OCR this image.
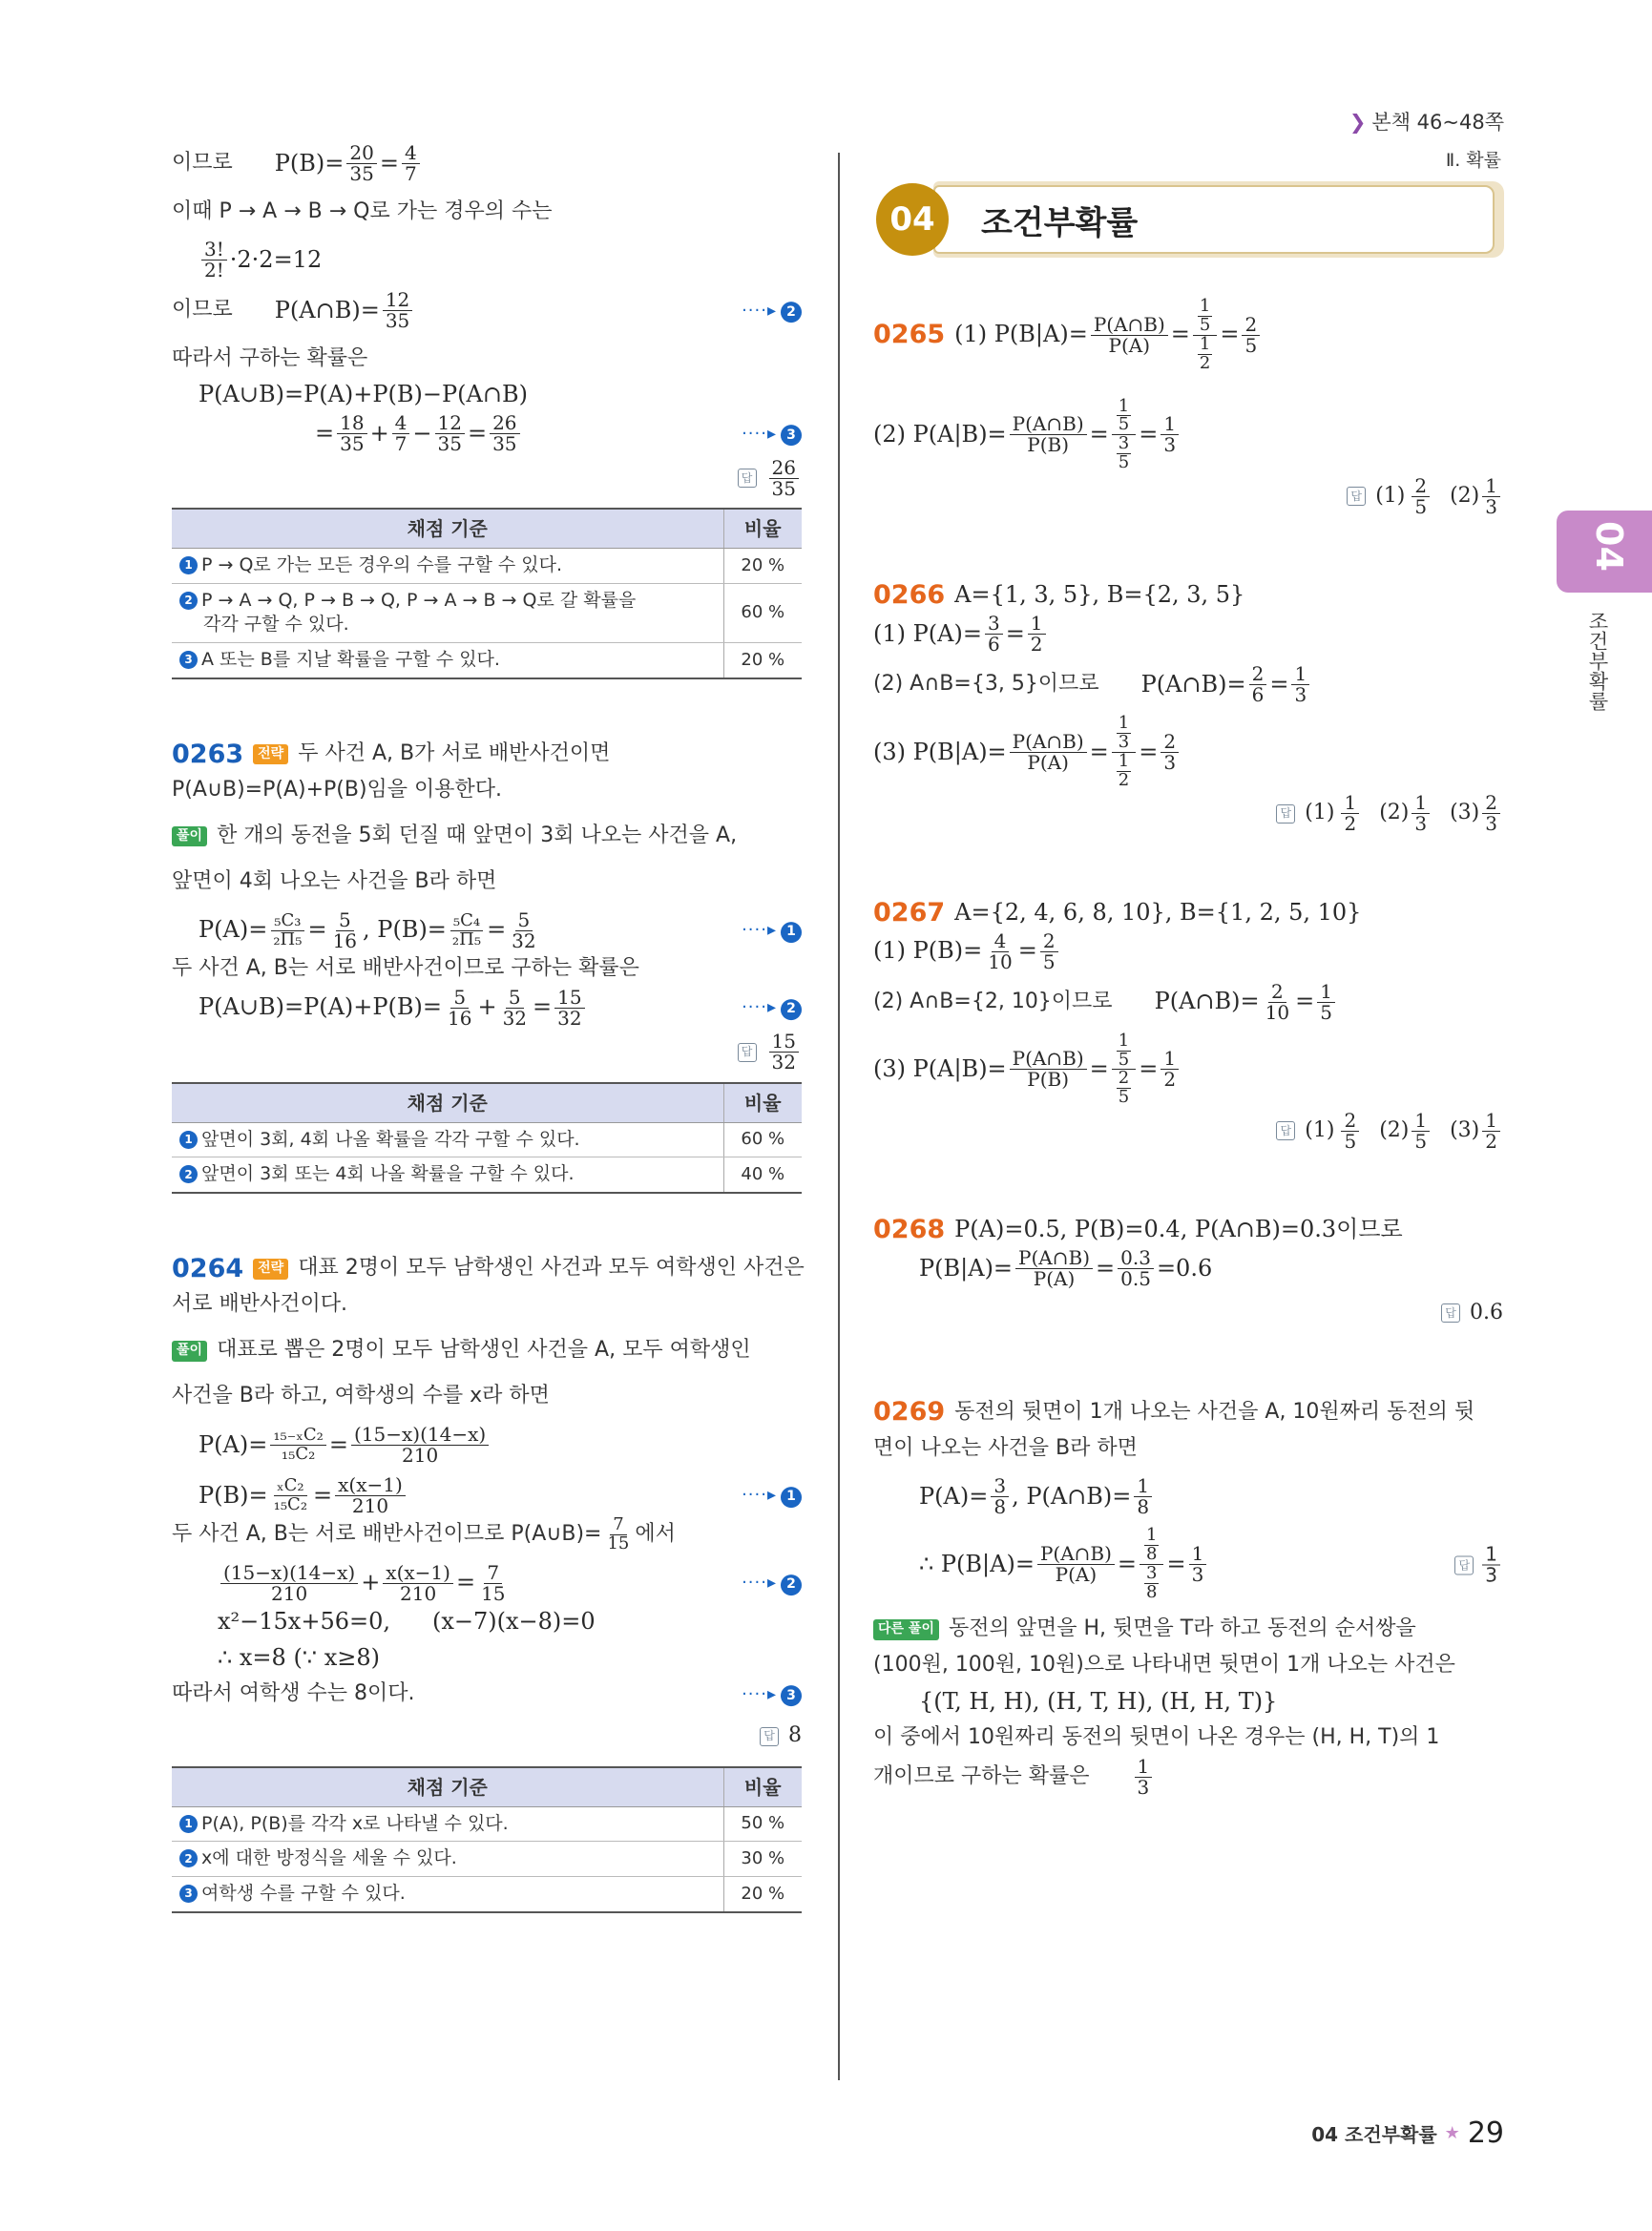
❯ 본책 46~48쪽
Ⅱ. 확률
이므로 $P(B)= \frac{20}{35} = \frac{4}{7}$
이때 P → A → B → Q로 가는 경우의 수는
$\frac{3!}{2!} \cdot 2\cdot 2=12$
이므로 P(A∩B)= $\frac{12}{35}$	····▸ 2
따라서 구하는 확률은
P(A∪B)=P(A)+P(B)−P(A∩B)
= $\frac{18}{35} + \frac{4}{7} - \frac{12}{35} = \frac{26}{35}$	····▸ 3
답 $\frac{26}{35}$
채점 기준	비율
1 P → Q로 가는 모든 경우의 수를 구할 수 있다.	20 %
2 P → A → Q, P → B → Q, P → A → B → Q로 갈 확률을
각각 구할 수 있다.	60 %
3 A 또는 B를 지날 확률을 구할 수 있다.	20 %
0263	전략 두 사건 A, B가 서로 배반사건이면
P(A∪B)=P(A)+P(B)임을 이용한다.
풀이 한 개의 동전을 5회 던질 때 앞면이 3회 나오는 사건을 A,
앞면이 4회 나오는 사건을 B라 하면
$P(A)= \frac{\text{₅C₃}}{\text{₂Π₅}} = \frac{5}{16}$ , $P(B)= \frac{\text{₅C₄}}{\text{₂Π₅}} = \frac{5}{32}$	····▸ 1
두 사건 A, B는 서로 배반사건이므로 구하는 확률은
P(A∪B)=P(A)+P(B)= $\frac{5}{16} + \frac{5}{32} = \frac{15}{32}$	····▸ 2
답 $\frac{15}{32}$
채점 기준	비율
1 앞면이 3회, 4회 나올 확률을 각각 구할 수 있다.	60 %
2 앞면이 3회 또는 4회 나올 확률을 구할 수 있다.	40 %
0264	전략 대표 2명이 모두 남학생인 사건과 모두 여학생인 사건은
서로 배반사건이다.
풀이 대표로 뽑은 2명이 모두 남학생인 사건을 A, 모두 여학생인
사건을 B라 하고, 여학생의 수를 x라 하면
$P(A)= \frac{\text{₁₅₋ₓC₂}}{\text{₁₅C₂}} = \frac{(15-x)(14-x)}{210}$
$P(B)= \frac{\text{ₓC₂}}{\text{₁₅C₂}} = \frac{x(x-1)}{210}$	····▸ 1
두 사건 A, B는 서로 배반사건이므로 P(A∪B)= $\frac{7}{15}$ 에서
$\frac{(15-x)(14-x)}{210} + \frac{x(x-1)}{210} = \frac{7}{15}$	····▸ 2
x²−15x+56=0, (x−7)(x−8)=0
∴ x=8 (∵ x≥8)
따라서 여학생 수는 8이다.	····▸ 3
답 8
채점 기준	비율
1 P(A), P(B)를 각각 x로 나타낼 수 있다.	50 %
2 x에 대한 방정식을 세울 수 있다.	30 %
3 여학생 수를 구할 수 있다.	20 %
04	조건부확률
0265 (1) $P(B|A)= \frac{P(A\cap B)}{P(A)} = \frac{\frac{1}{5}}{\frac{1}{2}} = \frac{2}{5}$
(2) $P(A|B)= \frac{P(A\cap B)}{P(B)} = \frac{\frac{1}{5}}{\frac{3}{5}} = \frac{1}{3}$
답 $(1) \frac{2}{5} (2) \frac{1}{3}$
0266 A={1, 3, 5}, B={2, 3, 5}
(1) $P(A)= \frac{3}{6} = \frac{1}{2}$
(2) A∩B={3, 5}이므로 P(A∩B)= $\frac{2}{6} = \frac{1}{3}$
(3) $P(B|A)= \frac{P(A\cap B)}{P(A)} = \frac{\frac{1}{3}}{\frac{1}{2}} = \frac{2}{3}$
답 $(1) \frac{1}{2} (2) \frac{1}{3} (3) \frac{2}{3}$
0267 A={2, 4, 6, 8, 10}, B={1, 2, 5, 10}
(1) $P(B)= \frac{4}{10} = \frac{2}{5}$
(2) A∩B={2, 10}이므로 P(A∩B)= $\frac{2}{10} = \frac{1}{5}$
(3) $P(A|B)= \frac{P(A\cap B)}{P(B)} = \frac{\frac{1}{5}}{\frac{2}{5}} = \frac{1}{2}$
답 $(1) \frac{2}{5} (2) \frac{1}{5} (3) \frac{1}{2}$
0268 P(A)=0.5, P(B)=0.4, P(A∩B)=0.3이므로
$P(B|A)= \frac{P(A\cap B)}{P(A)} = \frac{0.3}{0.5} =0.6$
답 0.6
0269 동전의 뒷면이 1개 나오는 사건을 A, 10원짜리 동전의 뒷
면이 나오는 사건을 B라 하면
$P(A)= \frac{3}{8}$ , P(A∩B)= $\frac{1}{8}$
∴ $P(B|A)= \frac{P(A\cap B)}{P(A)} = \frac{\frac{1}{8}}{\frac{3}{8}} = \frac{1}{3}$	답 $\frac{1}{3}$
다른 풀이 동전의 앞면을 H, 뒷면을 T라 하고 동전의 순서쌍을
(100원, 100원, 10원)으로 나타내면 뒷면이 1개 나오는 사건은
{(T, H, H), (H, T, H), (H, H, T)}
이 중에서 10원짜리 동전의 뒷면이 나온 경우는 (H, H, T)의 1
개이므로 구하는 확률은 $\frac{1}{3}$
04
조건부확률
04 조건부확률 ★ 29
